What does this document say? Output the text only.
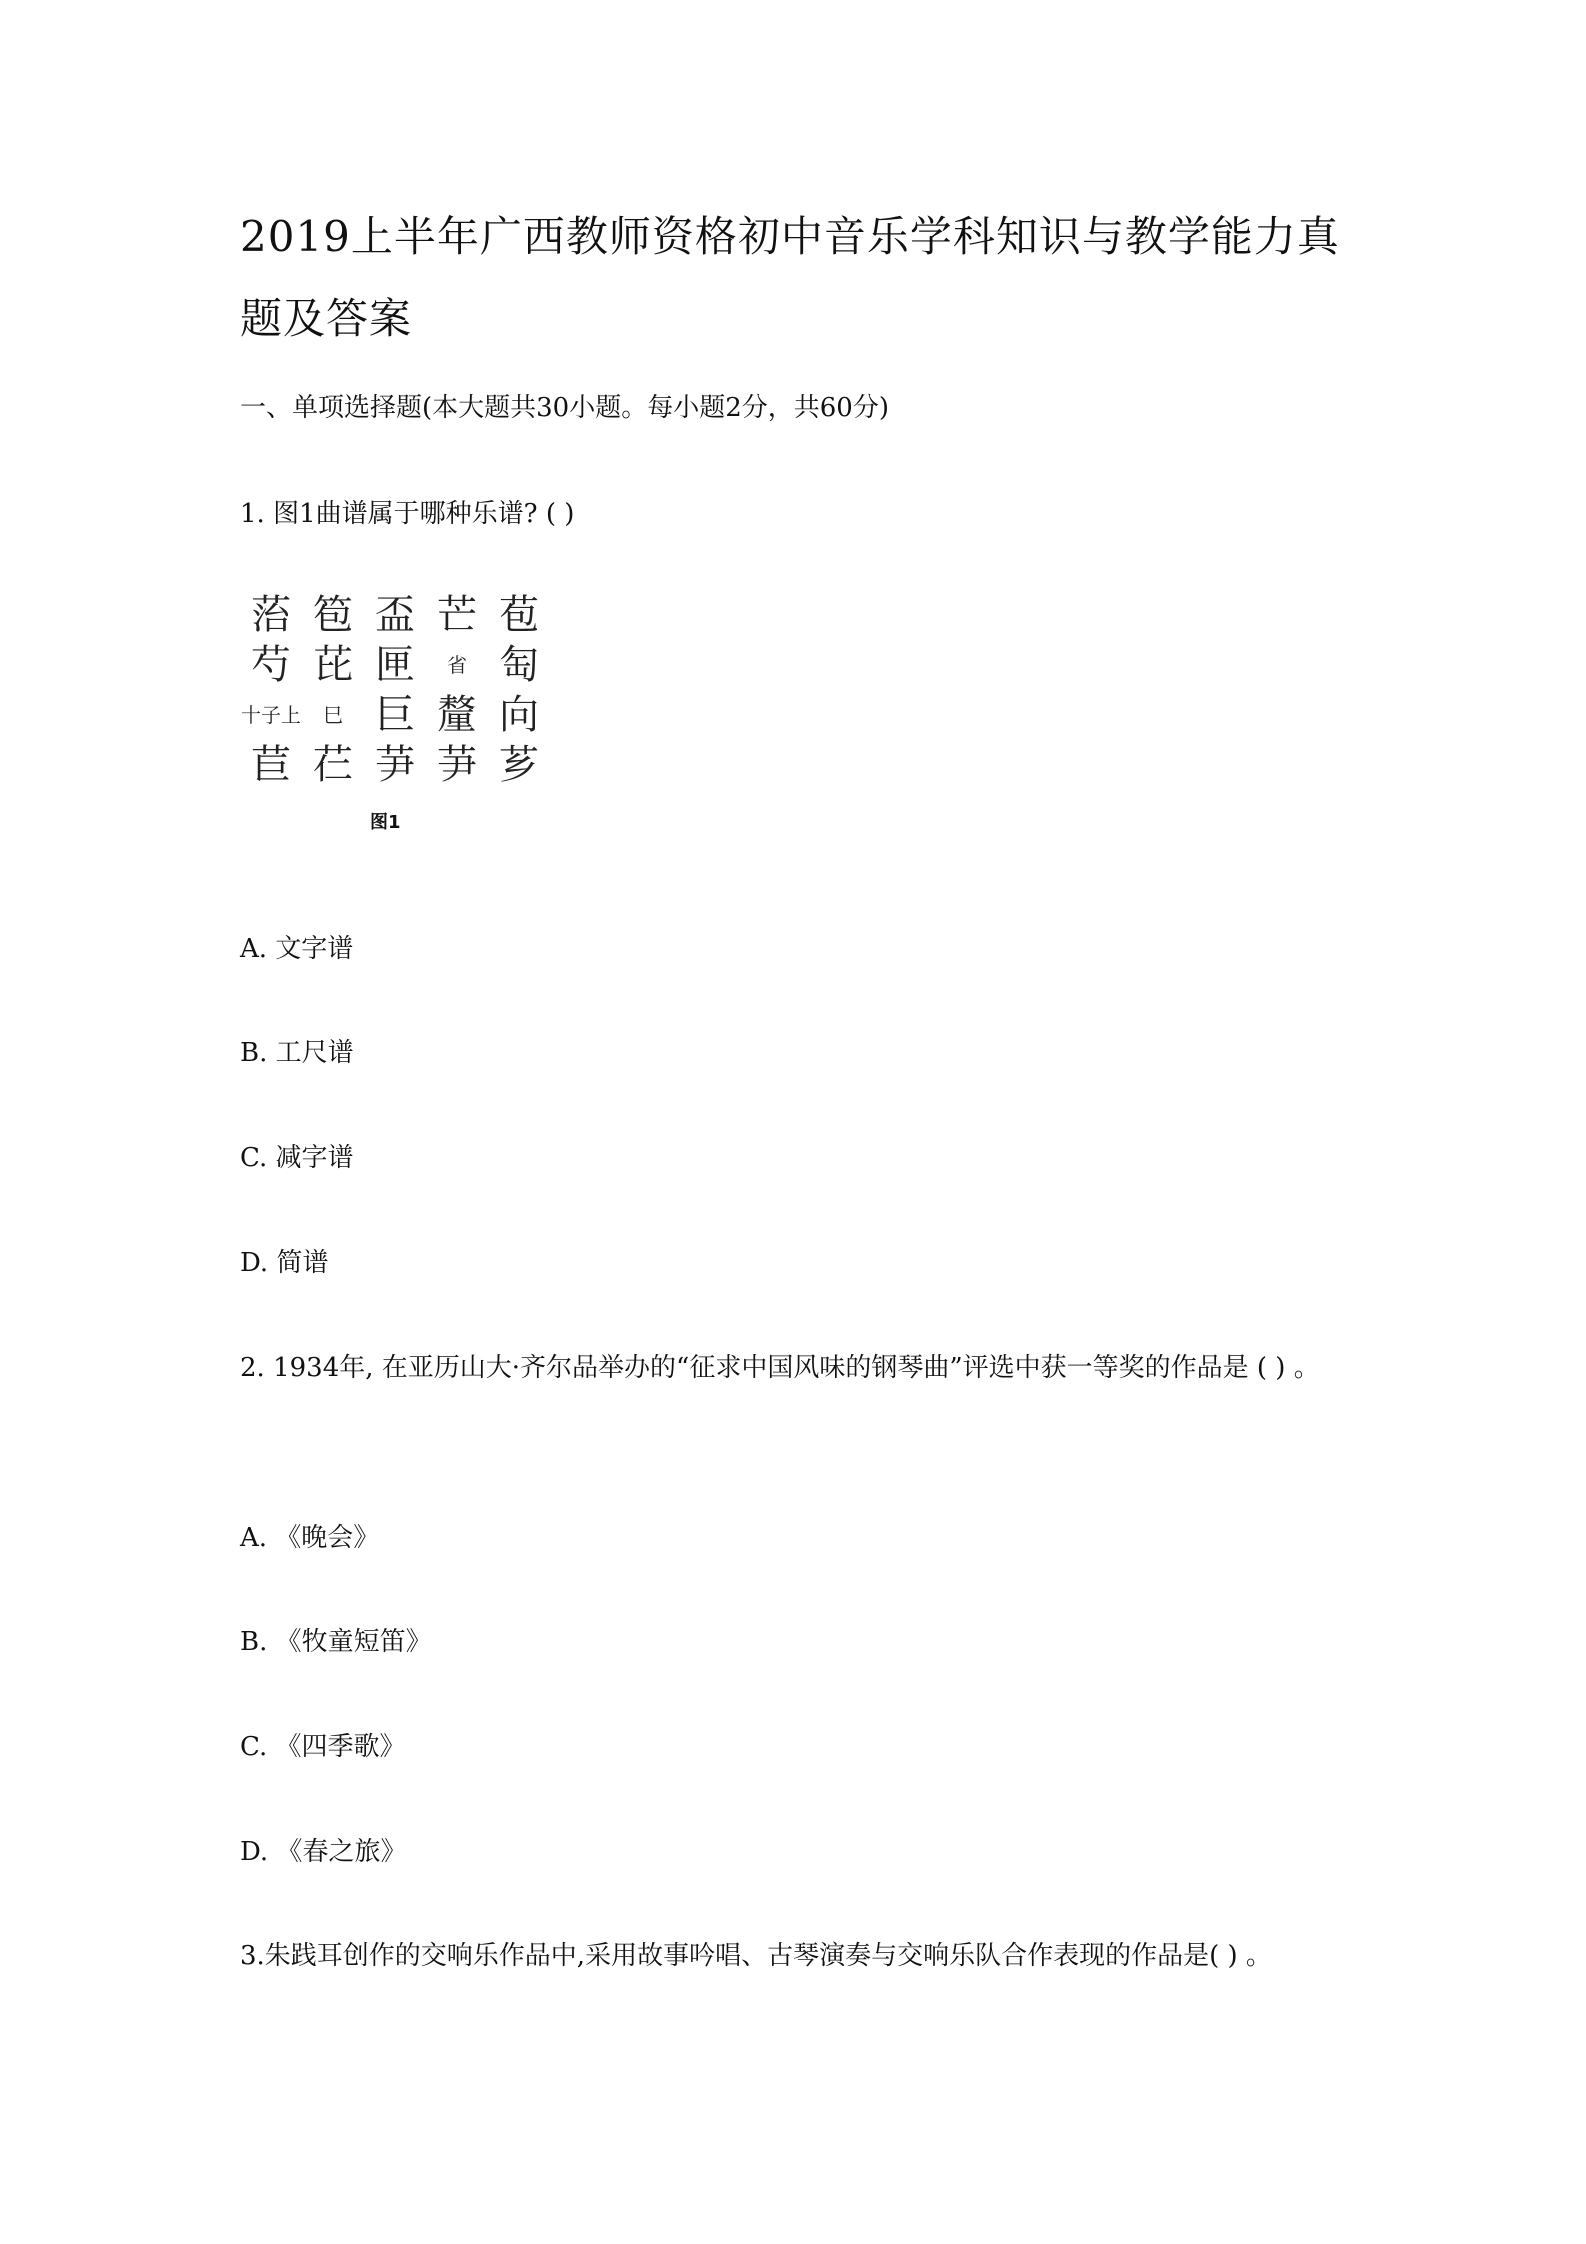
2019上半年广西教师资格初中音乐学科知识与教学能力真题及答案

一、单项选择题(本大题共30小题。每小题2分，共60分)

1. 图1曲谱属于哪种乐谱? ( )

菭 笣 盃 芒 苞
芍 芘 匣	省 匋
十子上	巳 巨 釐 向
苣 芢 芛 芛 芗
图1

A. 文字谱

B. 工尺谱

C. 减字谱

D. 简谱

2. 1934年, 在亚历山大·齐尔品举办的“征求中国风味的钢琴曲”评选中获一等奖的作品是 ( ) 。

A. 《晚会》

B. 《牧童短笛》

C. 《四季歌》

D. 《春之旅》

3.朱践耳创作的交响乐作品中,采用故事吟唱、古琴演奏与交响乐队合作表现的作品是( ) 。
